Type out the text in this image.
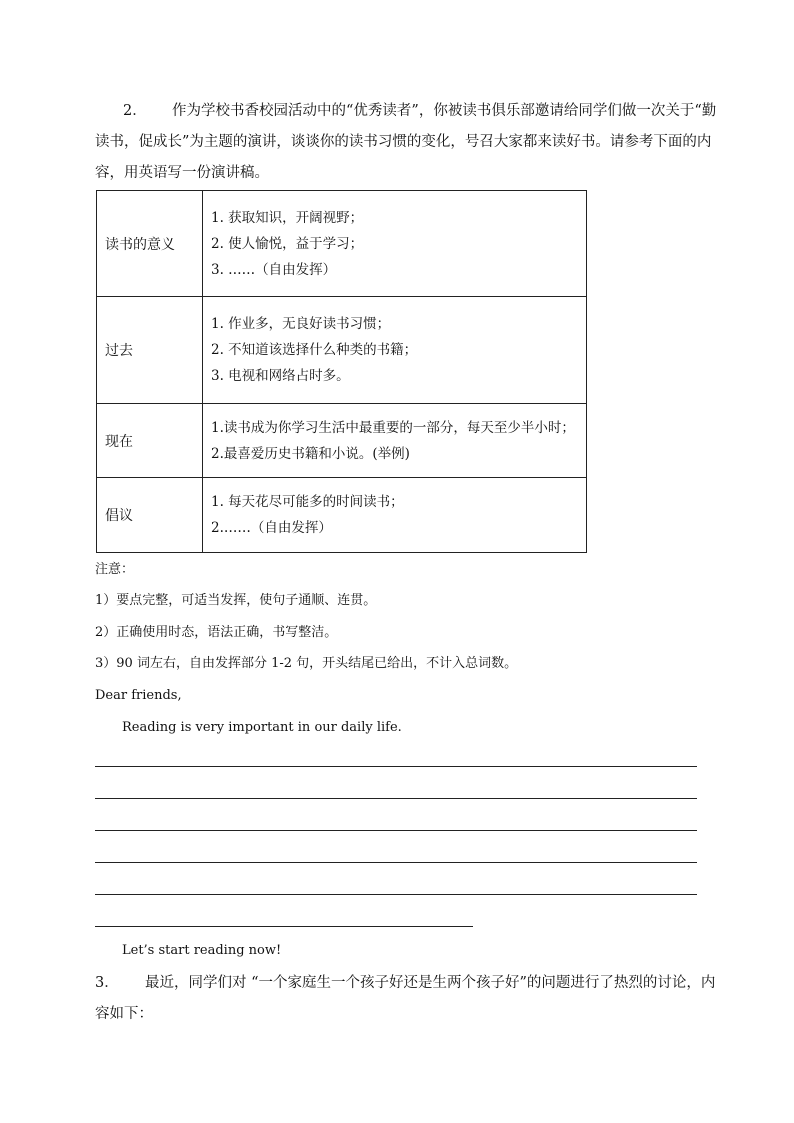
2． 作为学校书香校园活动中的“优秀读者”，你被读书俱乐部邀请给同学们做一次关于“勤
读书，促成长”为主题的演讲，谈谈你的读书习惯的变化，号召大家都来读好书。请参考下面的内
容，用英语写一份演讲稿。
读书的意义	1. 获取知识，开阔视野；
2. 使人愉悦，益于学习；
3. ……（自由发挥）

过去	1. 作业多，无良好读书习惯；
2. 不知道该选择什么种类的书籍；
3. 电视和网络占时多。

现在	1.读书成为你学习生活中最重要的一部分，每天至少半小时；
2.最喜爱历史书籍和小说。(举例)

倡议	1. 每天花尽可能多的时间读书；
2.……（自由发挥）
注意：
1）要点完整，可适当发挥，使句子通顺、连贯。
2）正确使用时态，语法正确，书写整洁。
3）90 词左右，自由发挥部分 1-2 句，开头结尾已给出，不计入总词数。
Dear friends,
Reading is very important in our daily life.
Let’s start reading now!
3． 最近，同学们对 “一个家庭生一个孩子好还是生两个孩子好”的问题进行了热烈的讨论，内
容如下：
